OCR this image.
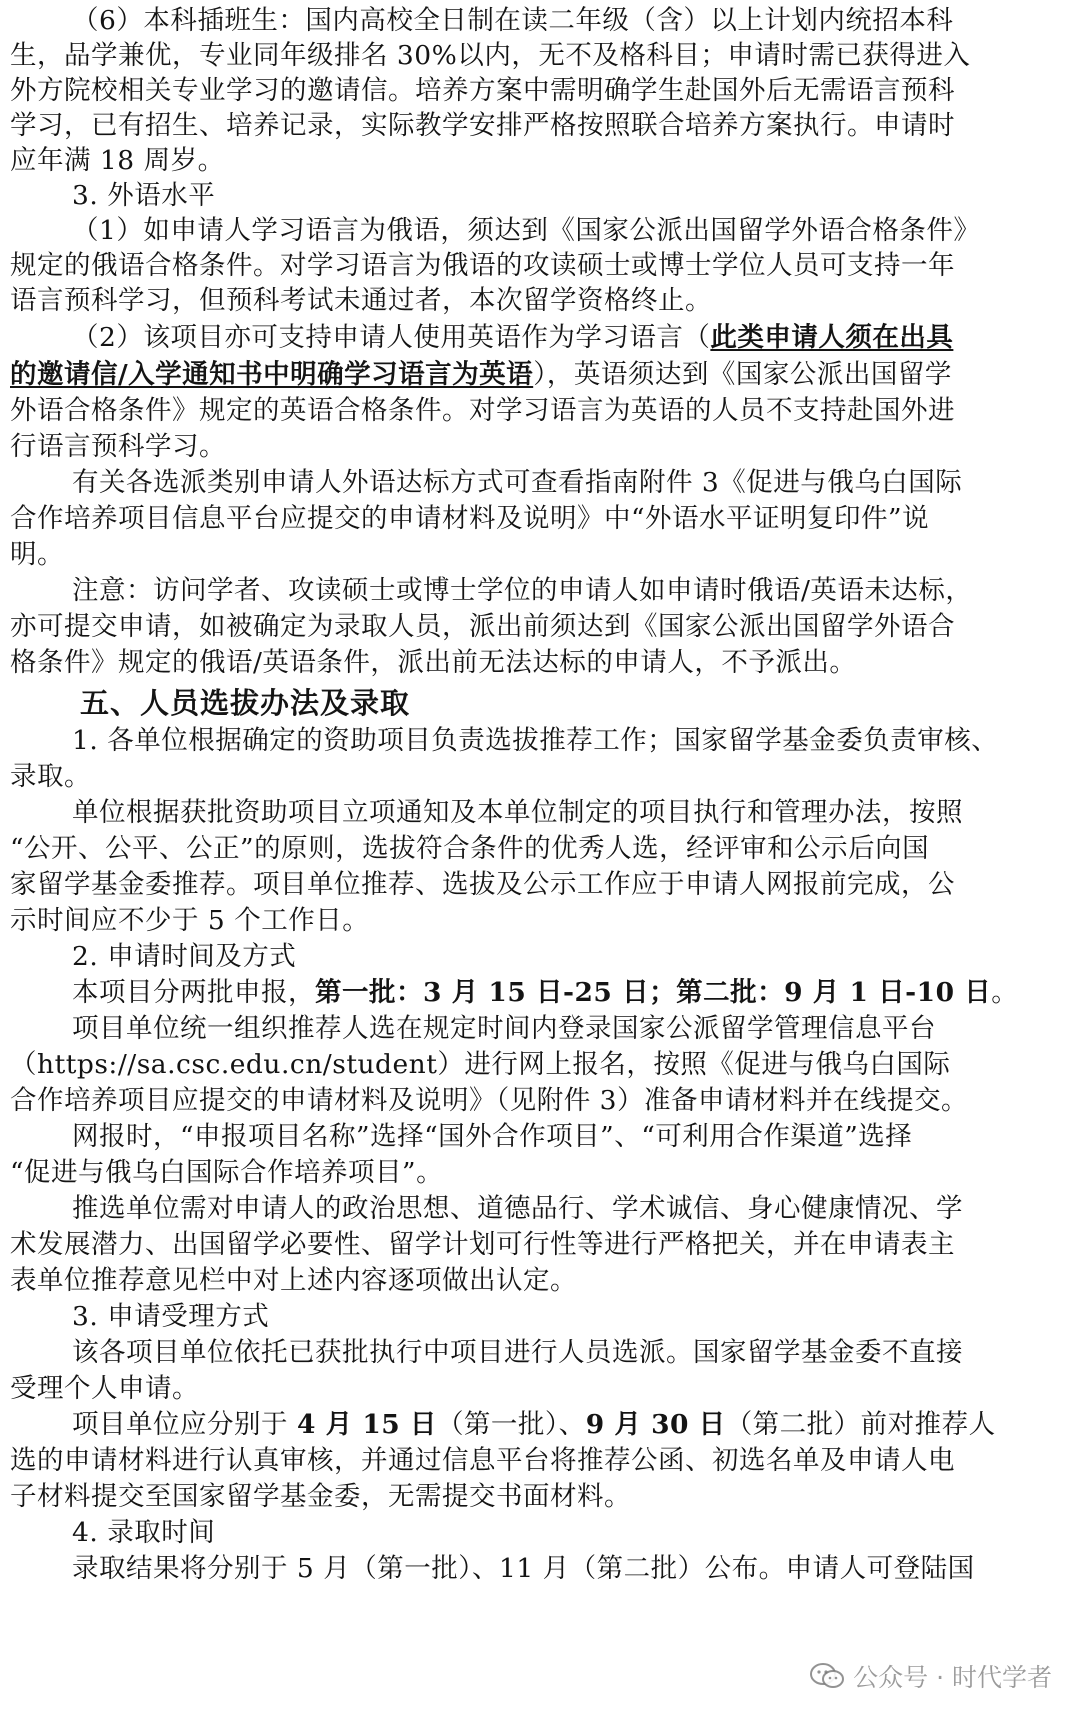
（6）本科插班生：国内高校全日制在读二年级（含）以上计划内统招本科
生，品学兼优，专业同年级排名 30%以内，无不及格科目；申请时需已获得进入
外方院校相关专业学习的邀请信。培养方案中需明确学生赴国外后无需语言预科
学习，已有招生、培养记录，实际教学安排严格按照联合培养方案执行。申请时
应年满 18 周岁。
3. 外语水平
（1）如申请人学习语言为俄语，须达到《国家公派出国留学外语合格条件》
规定的俄语合格条件。对学习语言为俄语的攻读硕士或博士学位人员可支持一年
语言预科学习，但预科考试未通过者，本次留学资格终止。
（2）该项目亦可支持申请人使用英语作为学习语言（此类申请人须在出具
的邀请信/入学通知书中明确学习语言为英语），英语须达到《国家公派出国留学
外语合格条件》规定的英语合格条件。对学习语言为英语的人员不支持赴国外进
行语言预科学习。
有关各选派类别申请人外语达标方式可查看指南附件 3《促进与俄乌白国际
合作培养项目信息平台应提交的申请材料及说明》中“外语水平证明复印件”说
明。
注意：访问学者、攻读硕士或博士学位的申请人如申请时俄语/英语未达标，
亦可提交申请，如被确定为录取人员，派出前须达到《国家公派出国留学外语合
格条件》规定的俄语/英语条件，派出前无法达标的申请人，不予派出。
五、人员选拔办法及录取
1. 各单位根据确定的资助项目负责选拔推荐工作；国家留学基金委负责审核、
录取。
单位根据获批资助项目立项通知及本单位制定的项目执行和管理办法，按照
“公开、公平、公正”的原则，选拔符合条件的优秀人选，经评审和公示后向国
家留学基金委推荐。项目单位推荐、选拔及公示工作应于申请人网报前完成，公
示时间应不少于 5 个工作日。
2. 申请时间及方式
本项目分两批申报，第一批：3 月 15 日-25 日；第二批：9 月 1 日-10 日。
项目单位统一组织推荐人选在规定时间内登录国家公派留学管理信息平台
（https://sa.csc.edu.cn/student）进行网上报名，按照《促进与俄乌白国际
合作培养项目应提交的申请材料及说明》（见附件 3）准备申请材料并在线提交。
网报时，“申报项目名称”选择“国外合作项目”、“可利用合作渠道”选择
“促进与俄乌白国际合作培养项目”。
推选单位需对申请人的政治思想、道德品行、学术诚信、身心健康情况、学
术发展潜力、出国留学必要性、留学计划可行性等进行严格把关，并在申请表主
表单位推荐意见栏中对上述内容逐项做出认定。
3. 申请受理方式
该各项目单位依托已获批执行中项目进行人员选派。国家留学基金委不直接
受理个人申请。
项目单位应分别于 4 月 15 日（第一批）、9 月 30 日（第二批）前对推荐人
选的申请材料进行认真审核，并通过信息平台将推荐公函、初选名单及申请人电
子材料提交至国家留学基金委，无需提交书面材料。
4. 录取时间
录取结果将分别于 5 月（第一批）、11 月（第二批）公布。申请人可登陆国
公众号 · 时代学者
